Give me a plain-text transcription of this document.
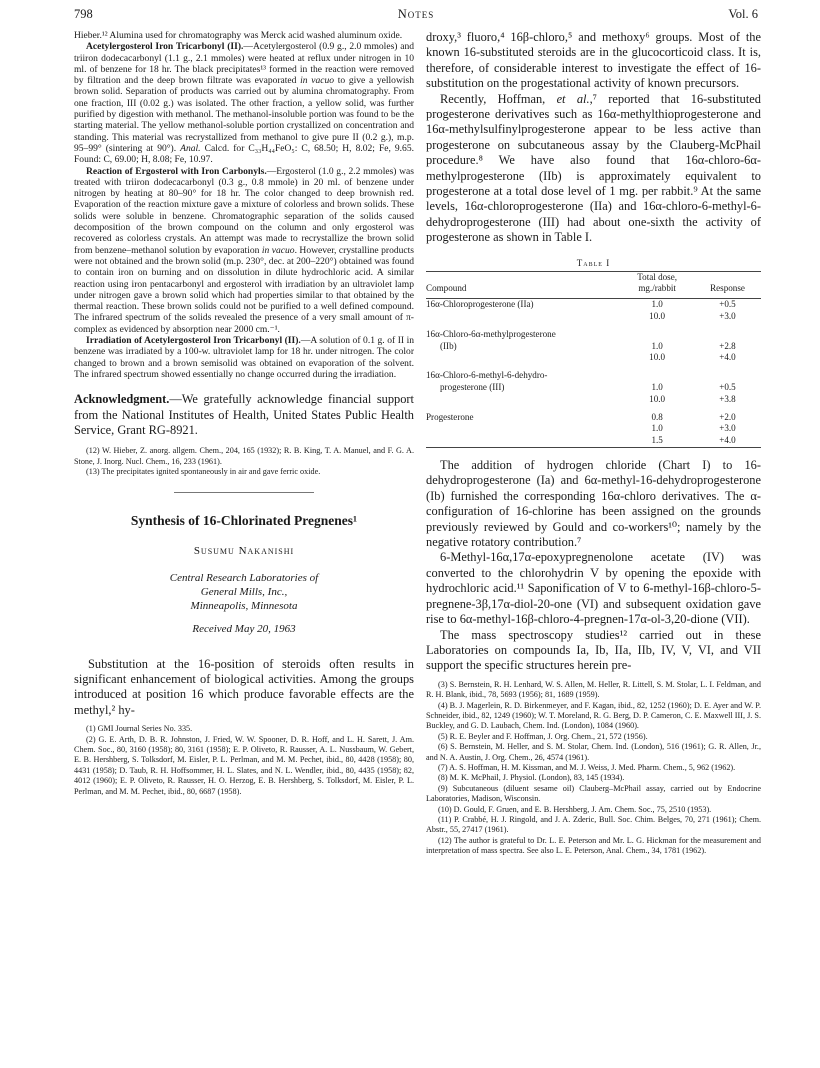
798	Notes	Vol. 6

Hieber.¹² Alumina used for chromatography was Merck acid washed aluminum oxide.

Acetylergosterol Iron Tricarbonyl (II).—Acetylergosterol (0.9 g., 2.0 mmoles) and triiron dodecacarbonyl (1.1 g., 2.1 mmoles) were heated at reflux under nitrogen in 10 ml. of benzene for 18 hr. The black precipitates¹³ formed in the reaction were removed by filtration and the deep brown filtrate was evaporated in vacuo to give a yellowish brown solid. Separation of products was carried out by alumina chromatography. From one fraction, III (0.02 g.) was isolated. The other fraction, a yellow solid, was further purified by digestion with methanol. The methanol-insoluble portion was found to be the starting material. The yellow methanol-soluble portion crystallized on concentration and standing. This material was recrystallized from methanol to give pure II (0.2 g.), m.p. 95–99° (sintering at 90°). Anal. Calcd. for C₃₃H₄₄FeO₅: C, 68.50; H, 8.02; Fe, 9.65. Found: C, 69.00; H, 8.08; Fe, 10.97.

Reaction of Ergosterol with Iron Carbonyls.—Ergosterol (1.0 g., 2.2 mmoles) was treated with triiron dodecacarbonyl (0.3 g., 0.8 mmole) in 20 ml. of benzene under nitrogen by heating at 80–90° for 18 hr. The color changed to deep brownish red. Evaporation of the reaction mixture gave a mixture of colorless and brown solids. These solids were soluble in benzene. Chromatographic separation of the solids caused decomposition of the brown compound on the column and only ergosterol was recovered as colorless crystals. An attempt was made to recrystallize the brown solid from benzene–methanol solution by evaporation in vacuo. However, crystalline products were not obtained and the brown solid (m.p. 230°, dec. at 200–220°) obtained was found to contain iron on burning and on dissolution in dilute hydrochloric acid. A similar reaction using iron pentacarbonyl and ergosterol with irradiation by an ultraviolet lamp under nitrogen gave a brown solid which had properties similar to that obtained by the thermal reaction. These brown solids could not be purified to a well defined compound. The infrared spectrum of the solids revealed the presence of a very small amount of π-complex as evidenced by absorption near 2000 cm.⁻¹.

Irradiation of Acetylergosterol Iron Tricarbonyl (II).—A solution of 0.1 g. of II in benzene was irradiated by a 100-w. ultraviolet lamp for 18 hr. under nitrogen. The color changed to brown and a brown semisolid was obtained on evaporation of the solvent. The infrared spectrum showed essentially no change occurred during the irradiation.

Acknowledgment.—We gratefully acknowledge financial support from the National Institutes of Health, United States Public Health Service, Grant RG-8921.

(12) W. Hieber, Z. anorg. allgem. Chem., 204, 165 (1932); R. B. King, T. A. Manuel, and F. G. A. Stone, J. Inorg. Nucl. Chem., 16, 233 (1961).

(13) The precipitates ignited spontaneously in air and gave ferric oxide.

Synthesis of 16-Chlorinated Pregnenes¹
Susumu Nakanishi
Central Research Laboratories of
General Mills, Inc.,
Minneapolis, Minnesota
Received May 20, 1963

Substitution at the 16-position of steroids often results in significant enhancement of biological activities. Among the groups introduced at position 16 which produce favorable effects are the methyl,² hy-

(1) GMI Journal Series No. 335.

(2) G. E. Arth, D. B. R. Johnston, J. Fried, W. W. Spooner, D. R. Hoff, and L. H. Sarett, J. Am. Chem. Soc., 80, 3160 (1958); 80, 3161 (1958); E. P. Oliveto, R. Rausser, A. L. Nussbaum, W. Gebert, E. B. Hershberg, S. Tolksdorf, M. Eisler, P. L. Perlman, and M. M. Pechet, ibid., 80, 4428 (1958); 80, 4431 (1958); D. Taub, R. H. Hoffsommer, H. L. Slates, and N. L. Wendler, ibid., 80, 4435 (1958); 82, 4012 (1960); E. P. Oliveto, R. Rausser, H. O. Herzog, E. B. Hershberg, S. Tolksdorf, M. Eisler, P. L. Perlman, and M. M. Pechet, ibid., 80, 6687 (1958).

droxy,³ fluoro,⁴ 16β-chloro,⁵ and methoxy⁶ groups. Most of the known 16-substituted steroids are in the glucocorticoid class. It is, therefore, of considerable interest to investigate the effect of 16-substitution on the progestational activity of known precursors.

Recently, Hoffman, et al.,⁷ reported that 16-substituted progesterone derivatives such as 16α-methylthioprogesterone and 16α-methylsulfinylprogesterone appear to be less active than progesterone on subcutaneous assay by the Clauberg-McPhail procedure.⁸ We have also found that 16α-chloro-6α-methylprogesterone (IIb) is approximately equivalent to progesterone at a total dose level of 1 mg. per rabbit.⁹ At the same levels, 16α-chloroprogesterone (IIa) and 16α-chloro-6-methyl-6-dehydroprogesterone (III) had about one-sixth the activity of progesterone as shown in Table I.

Table I
Compound	Total dose, mg./rabbit	Response
16α-Chloroprogesterone (IIa)	1.0	+0.5
	10.0	+3.0

16α-Chloro-6α-methylprogesterone		
(IIb)	1.0	+2.8
	10.0	+4.0

16α-Chloro-6-methyl-6-dehydro-		
progesterone (III)	1.0	+0.5
	10.0	+3.8

Progesterone	0.8	+2.0
	1.0	+3.0
	1.5	+4.0

The addition of hydrogen chloride (Chart I) to 16-dehydroprogesterone (Ia) and 6α-methyl-16-dehydroprogesterone (Ib) furnished the corresponding 16α-chloro derivatives. The α-configuration of 16-chlorine has been assigned on the grounds previously reviewed by Gould and co-workers¹⁰; namely by the negative rotatory contribution.⁷

6-Methyl-16α,17α-epoxypregnenolone acetate (IV) was converted to the chlorohydrin V by opening the epoxide with hydrochloric acid.¹¹ Saponification of V to 6-methyl-16β-chloro-5-pregnene-3β,17α-diol-20-one (VI) and subsequent oxidation gave rise to 6α-methyl-16β-chloro-4-pregnen-17α-ol-3,20-dione (VII).

The mass spectroscopy studies¹² carried out in these Laboratories on compounds Ia, Ib, IIa, IIb, IV, V, VI, and VII support the specific structures herein pre-

(3) S. Bernstein, R. H. Lenhard, W. S. Allen, M. Heller, R. Littell, S. M. Stolar, L. I. Feldman, and R. H. Blank, ibid., 78, 5693 (1956); 81, 1689 (1959).

(4) B. J. Magerlein, R. D. Birkenmeyer, and F. Kagan, ibid., 82, 1252 (1960); D. E. Ayer and W. P. Schneider, ibid., 82, 1249 (1960); W. T. Moreland, R. G. Berg, D. P. Cameron, C. E. Maxwell III, J. S. Buckley, and G. D. Laubach, Chem. Ind. (London), 1084 (1960).

(5) R. E. Beyler and F. Hoffman, J. Org. Chem., 21, 572 (1956).

(6) S. Bernstein, M. Heller, and S. M. Stolar, Chem. Ind. (London), 516 (1961); G. R. Allen, Jr., and N. A. Austin, J. Org. Chem., 26, 4574 (1961).

(7) A. S. Hoffman, H. M. Kissman, and M. J. Weiss, J. Med. Pharm. Chem., 5, 962 (1962).

(8) M. K. McPhail, J. Physiol. (London), 83, 145 (1934).

(9) Subcutaneous (diluent sesame oil) Clauberg–McPhail assay, carried out by Endocrine Laboratories, Madison, Wisconsin.

(10) D. Gould, F. Gruen, and E. B. Hershberg, J. Am. Chem. Soc., 75, 2510 (1953).

(11) P. Crabbé, H. J. Ringold, and J. A. Zderic, Bull. Soc. Chim. Belges, 70, 271 (1961); Chem. Abstr., 55, 27417 (1961).

(12) The author is grateful to Dr. L. E. Peterson and Mr. L. G. Hickman for the measurement and interpretation of mass spectra. See also L. E. Peterson, Anal. Chem., 34, 1781 (1962).
